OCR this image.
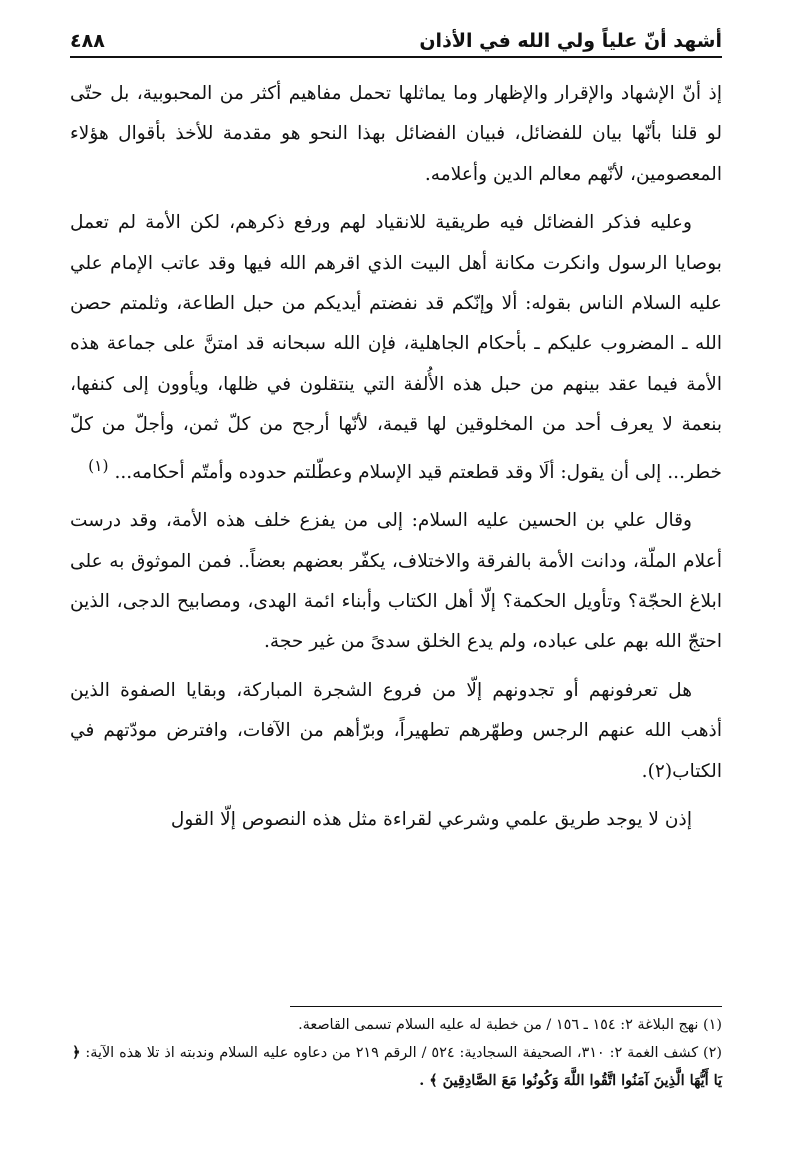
أشهد أنّ علياً ولي الله في الأذان
٤٨٨

إذ أنّ الإشهاد والإقرار والإظهار وما يماثلها تحمل مفاهيم أكثر من المحبوبية، بل حتّى لو قلنا بأنّها بيان للفضائل، فبيان الفضائل بهذا النحو هو مقدمة للأخذ بأقوال هؤلاء المعصومين، لأنّهم معالم الدين وأعلامه.

وعليه فذكر الفضائل فيه طريقية للانقياد لهم ورفع ذكرهم، لكن الأمة لم تعمل بوصايا الرسول وانكرت مكانة أهل البيت الذي اقرهم الله فيها وقد عاتب الإمام علي عليه السلام الناس بقوله: ألا وإنّكم قد نفضتم أيديكم من حبل الطاعة، وثلمتم حصن الله ـ المضروب عليكم ـ بأحكام الجاهلية، فإن الله سبحانه قد امتنَّ على جماعة هذه الأمة فيما عقد بينهم من حبل هذه الأُلفة التي ينتقلون في ظلها، ويأوون إلى كنفها، بنعمة لا يعرف أحد من المخلوقين لها قيمة، لأنّها أرجح من كلّ ثمن، وأجلّ من كلّ خطر... إلى أن يقول: ألَا وقد قطعتم قيد الإسلام وعطّلتم حدوده وأمتّم أحكامه... $^{(١)}$

وقال علي بن الحسين عليه السلام: إلى من يفزع خلف هذه الأمة، وقد درست أعلام الملّة، ودانت الأمة بالفرقة والاختلاف، يكفّر بعضهم بعضاً.. فمن الموثوق به على ابلاغ الحجّة؟ وتأويل الحكمة؟ إلّا أهل الكتاب وأبناء ائمة الهدى، ومصابيح الدجى، الذين احتجّ الله بهم على عباده، ولم يدع الخلق سدىً من غير حجة.

هل تعرفونهم أو تجدونهم إلّا من فروع الشجرة المباركة، وبقايا الصفوة الذين أذهب الله عنهم الرجس وطهّرهم تطهيراً، وبرّأهم من الآفات، وافترض مودّتهم في الكتاب(٢).

إذن لا يوجد طريق علمي وشرعي لقراءة مثل هذه النصوص إلّا القول

(١) نهج البلاغة ٢: ١٥٤ ـ ١٥٦ / من خطبة له عليه السلام تسمى القاصعة.

(٢) كشف الغمة ٢: ٣١٠، الصحيفة السجادية: ٥٢٤ / الرقم ٢١٩ من دعاوه عليه السلام وندبته اذ تلا هذه الآية: ﴿ يَا أَيُّهَا الَّذِينَ آمَنُوا اتَّقُوا اللَّهَ وَكُونُوا مَعَ الصَّادِقِينَ ﴾ .
